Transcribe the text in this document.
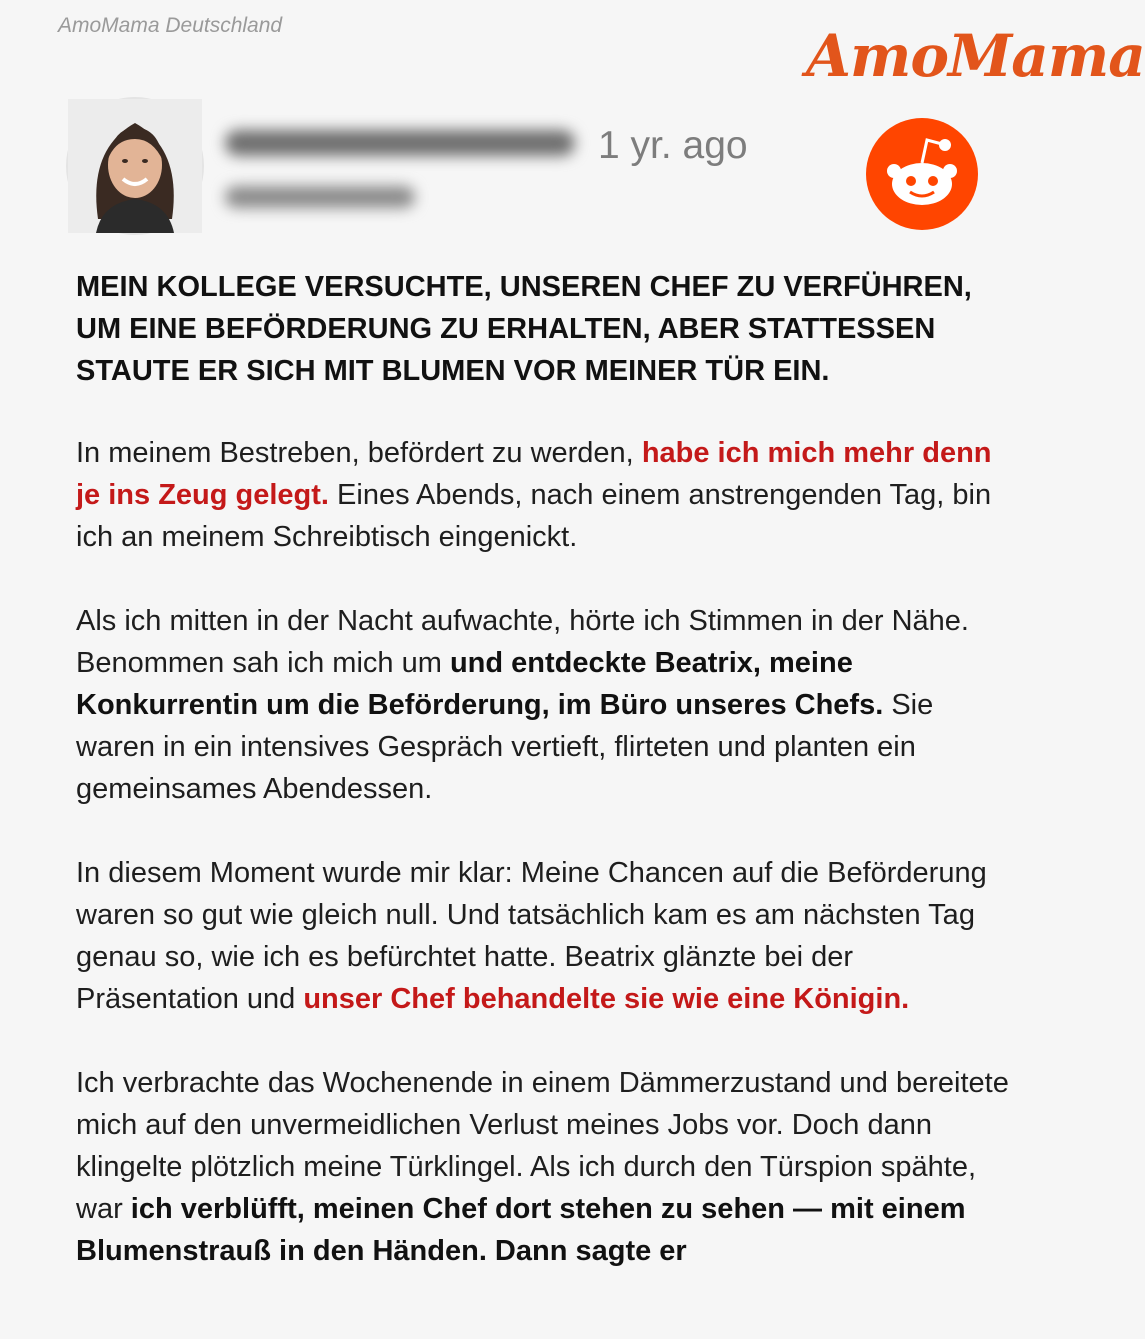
AmoMama Deutschland	AmoMama
1 yr. ago
MEIN KOLLEGE VERSUCHTE, UNSEREN CHEF ZU VERFÜHREN, UM EINE BEFÖRDERUNG ZU ERHALTEN, ABER STATTESSEN STAUTE ER SICH MIT BLUMEN VOR MEINER TÜR EIN.

In meinem Bestreben, befördert zu werden, habe ich mich mehr denn je ins Zeug gelegt. Eines Abends, nach einem anstrengenden Tag, bin ich an meinem Schreibtisch eingenickt.

Als ich mitten in der Nacht aufwachte, hörte ich Stimmen in der Nähe. Benommen sah ich mich um und entdeckte Beatrix, meine Konkurrentin um die Beförderung, im Büro unseres Chefs. Sie waren in ein intensives Gespräch vertieft, flirteten und planten ein gemeinsames Abendessen.

In diesem Moment wurde mir klar: Meine Chancen auf die Beförderung waren so gut wie gleich null. Und tatsächlich kam es am nächsten Tag genau so, wie ich es befürchtet hatte. Beatrix glänzte bei der Präsentation und unser Chef behandelte sie wie eine Königin.

Ich verbrachte das Wochenende in einem Dämmerzustand und bereitete mich auf den unvermeidlichen Verlust meines Jobs vor. Doch dann klingelte plötzlich meine Türklingel. Als ich durch den Türspion spähte, war ich verblüfft, meinen Chef dort stehen zu sehen — mit einem Blumenstrauß in den Händen. Dann sagte er
